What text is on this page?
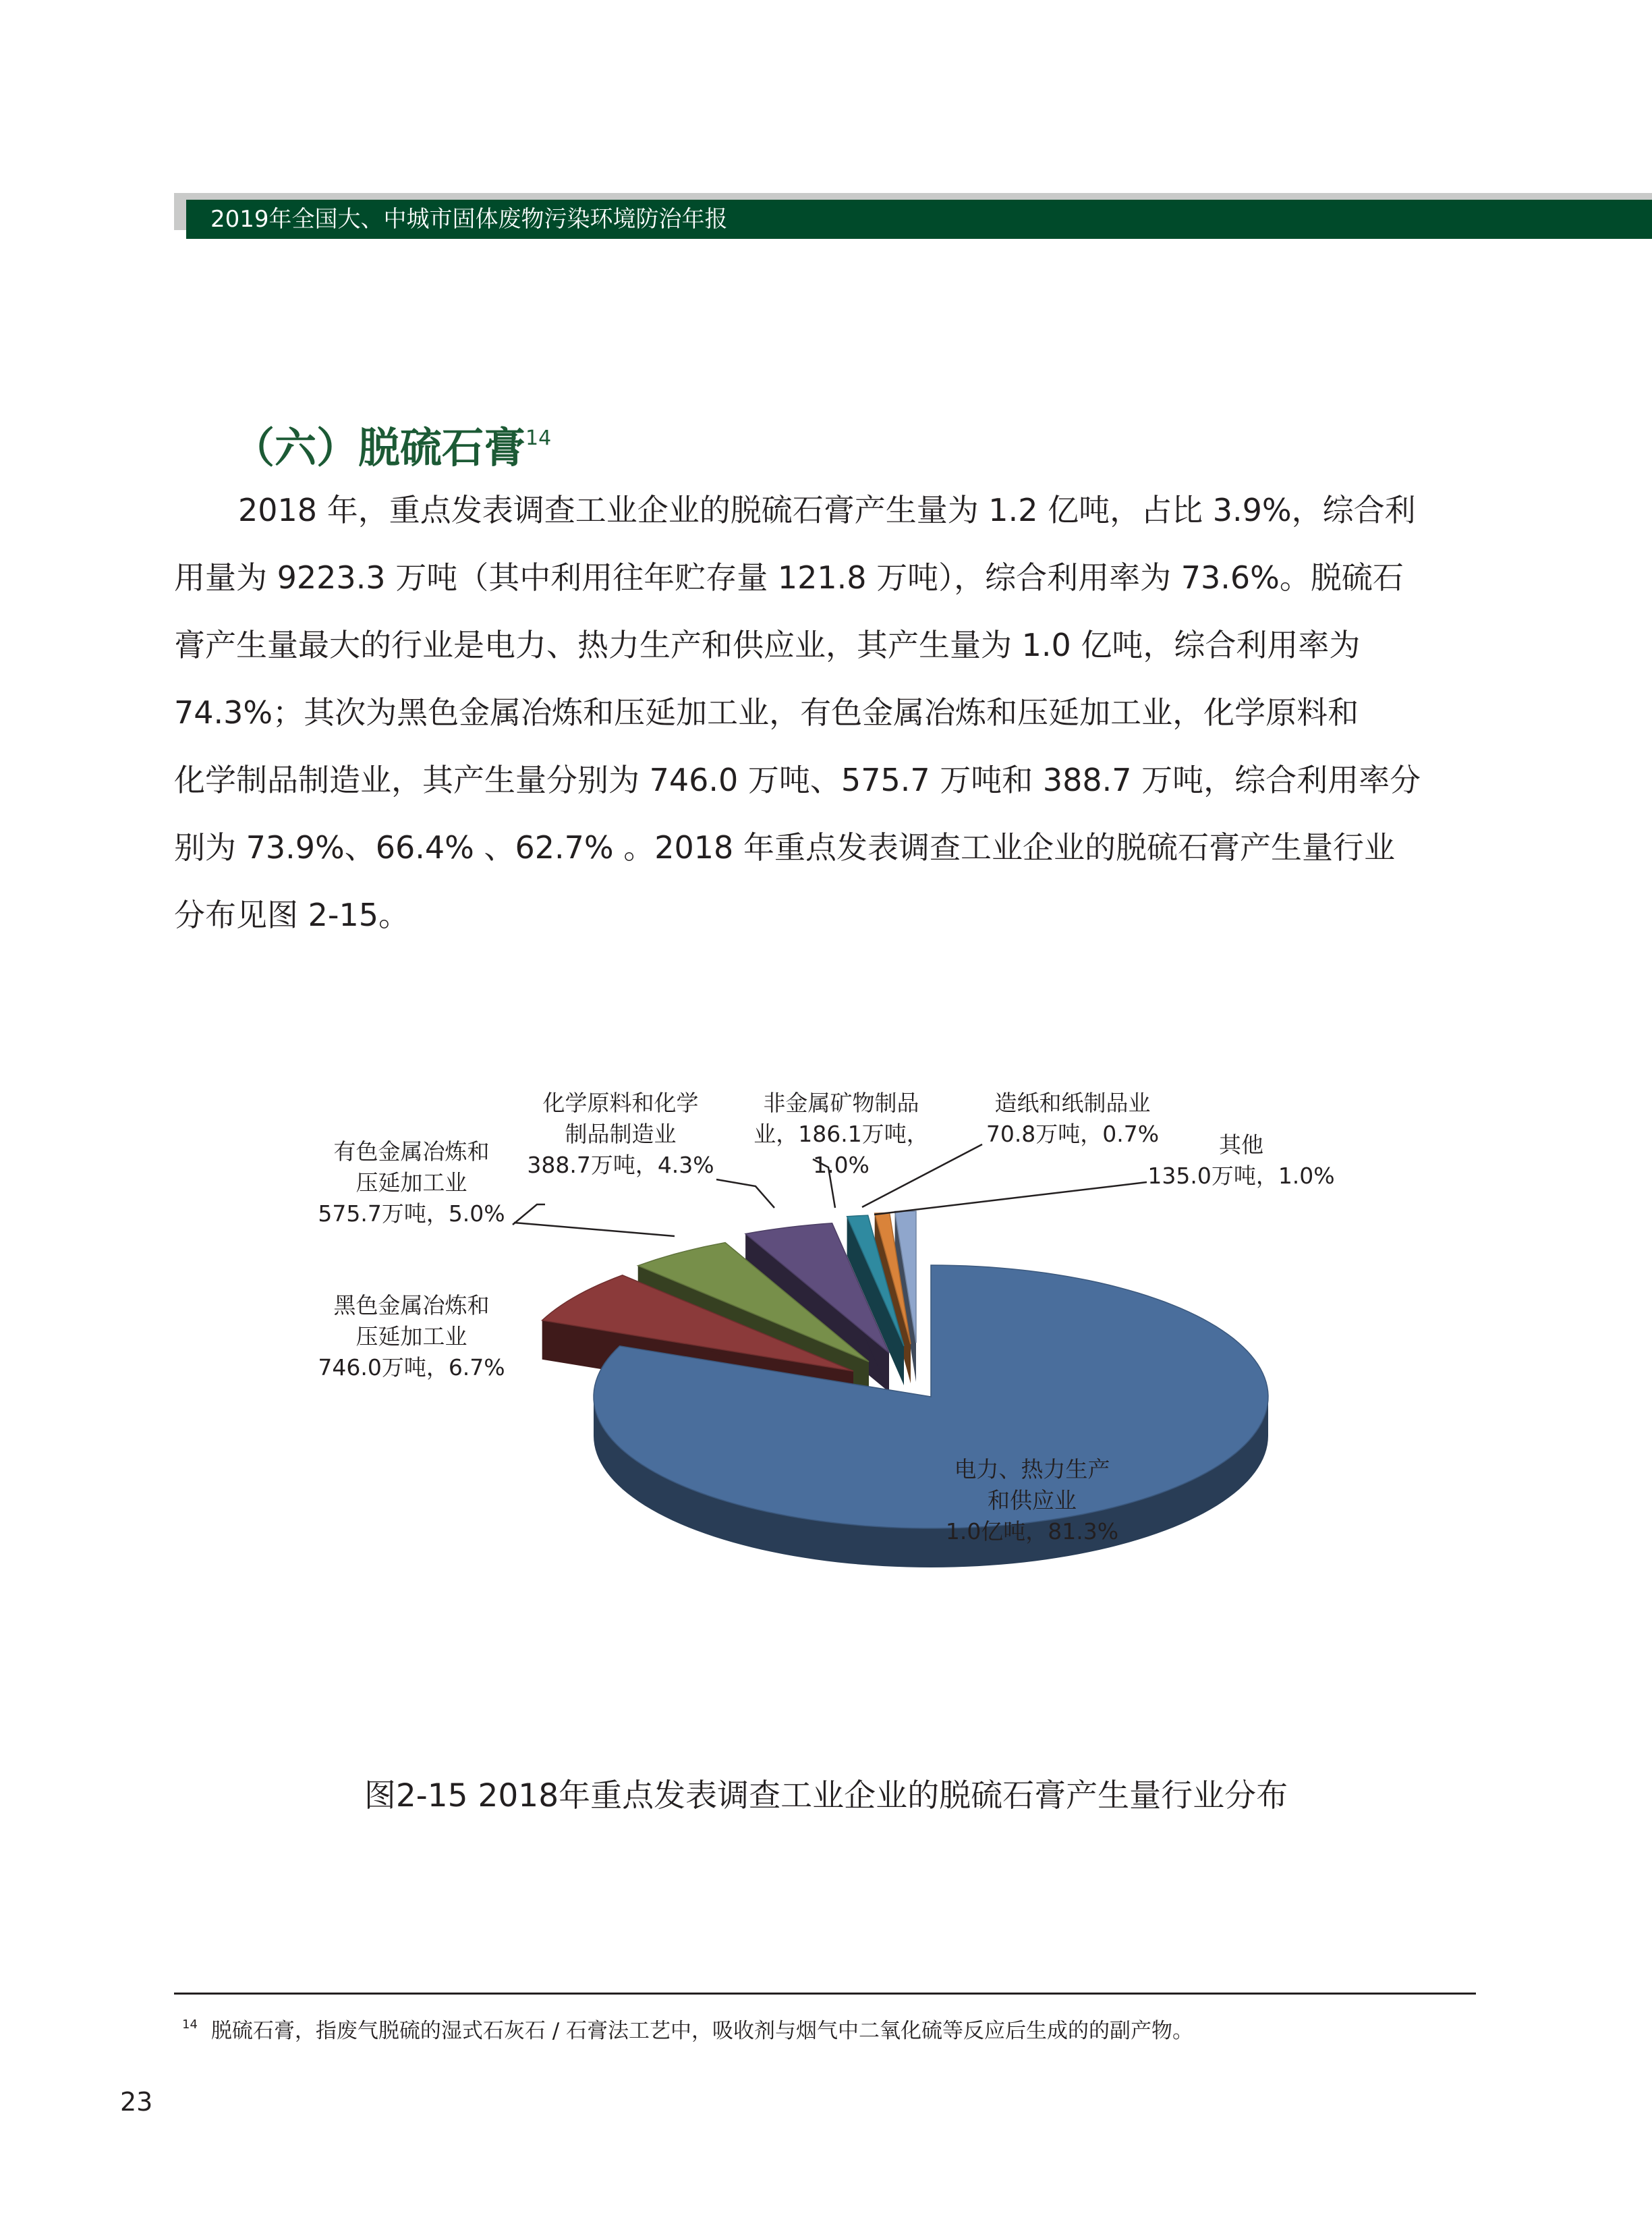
2019年全国大、中城市固体废物污染环境防治年报
（六）脱硫石膏$^{14}$
2018 年，重点发表调查工业企业的脱硫石膏产生量为 1.2 亿吨，占比 3.9%，综合利
用量为 9223.3 万吨（其中利用往年贮存量 121.8 万吨），综合利用率为 73.6%。脱硫石
膏产生量最大的行业是电力、热力生产和供应业，其产生量为 1.0 亿吨，综合利用率为
74.3%；其次为黑色金属冶炼和压延加工业，有色金属冶炼和压延加工业，化学原料和
化学制品制造业，其产生量分别为 746.0 万吨、575.7 万吨和 388.7 万吨，综合利用率分
别为 73.9%、66.4% 、62.7% 。2018 年重点发表调查工业企业的脱硫石膏产生量行业
分布见图 2-15。
电力、热力生产
和供应业
1.0亿吨，81.3%
黑色金属冶炼和
压延加工业
746.0万吨，6.7%
有色金属冶炼和
压延加工业
575.7万吨，5.0%
化学原料和化学
制品制造业
388.7万吨，4.3%
非金属矿物制品
业，186.1万吨，
1.0%
造纸和纸制品业
70.8万吨，0.7%	其他
135.0万吨，1.0%
图2-15 2018年重点发表调查工业企业的脱硫石膏产生量行业分布
$^{14}$ 脱硫石膏，指废气脱硫的湿式石灰石 / 石膏法工艺中，吸收剂与烟气中二氧化硫等反应后生成的的副产物。
23
